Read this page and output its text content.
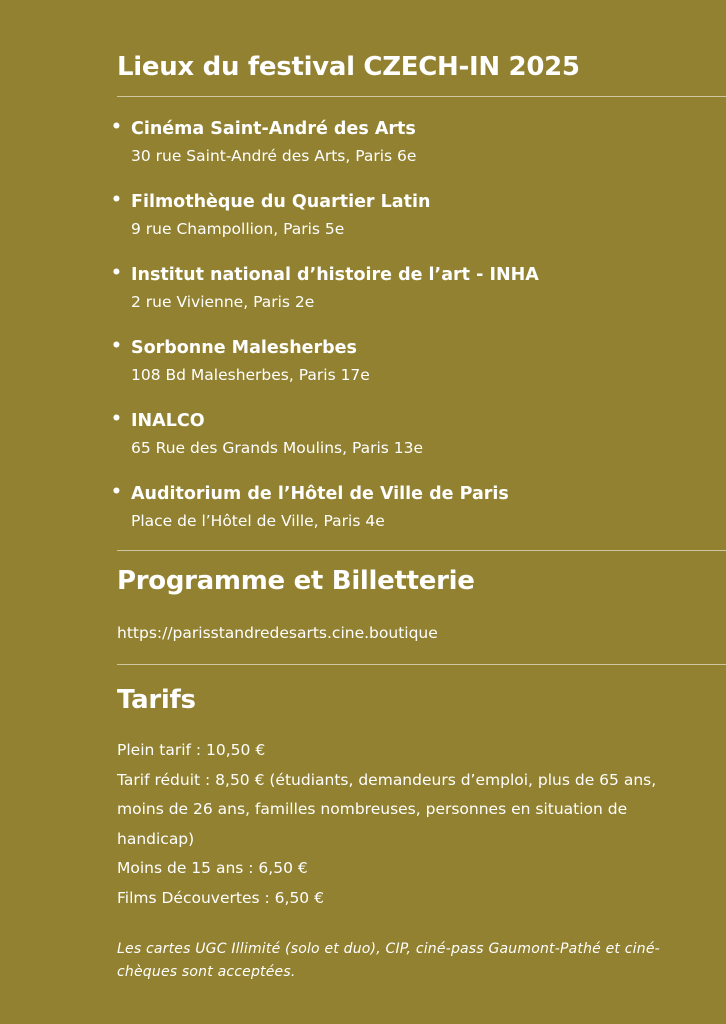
Lieux du festival CZECH-IN 2025
• Cinéma Saint-André des Arts
30 rue Saint-André des Arts, Paris 6e
• Filmothèque du Quartier Latin
9 rue Champollion, Paris 5e
• Institut national d’histoire de l’art - INHA
2 rue Vivienne, Paris 2e
• Sorbonne Malesherbes
108 Bd Malesherbes, Paris 17e
• INALCO
65 Rue des Grands Moulins, Paris 13e
• Auditorium de l’Hôtel de Ville de Paris
Place de l’Hôtel de Ville, Paris 4e
Programme et Billetterie
https://parisstandredesarts.cine.boutique
Tarifs
Plein tarif : 10,50 €
Tarif réduit : 8,50 € (étudiants, demandeurs d’emploi, plus de 65 ans, moins de 26 ans, familles nombreuses, personnes en situation de handicap)
Moins de 15 ans : 6,50 €
Films Découvertes : 6,50 €
Les cartes UGC Illimité (solo et duo), CIP, ciné-pass Gaumont-Pathé et ciné-chèques sont acceptées.
